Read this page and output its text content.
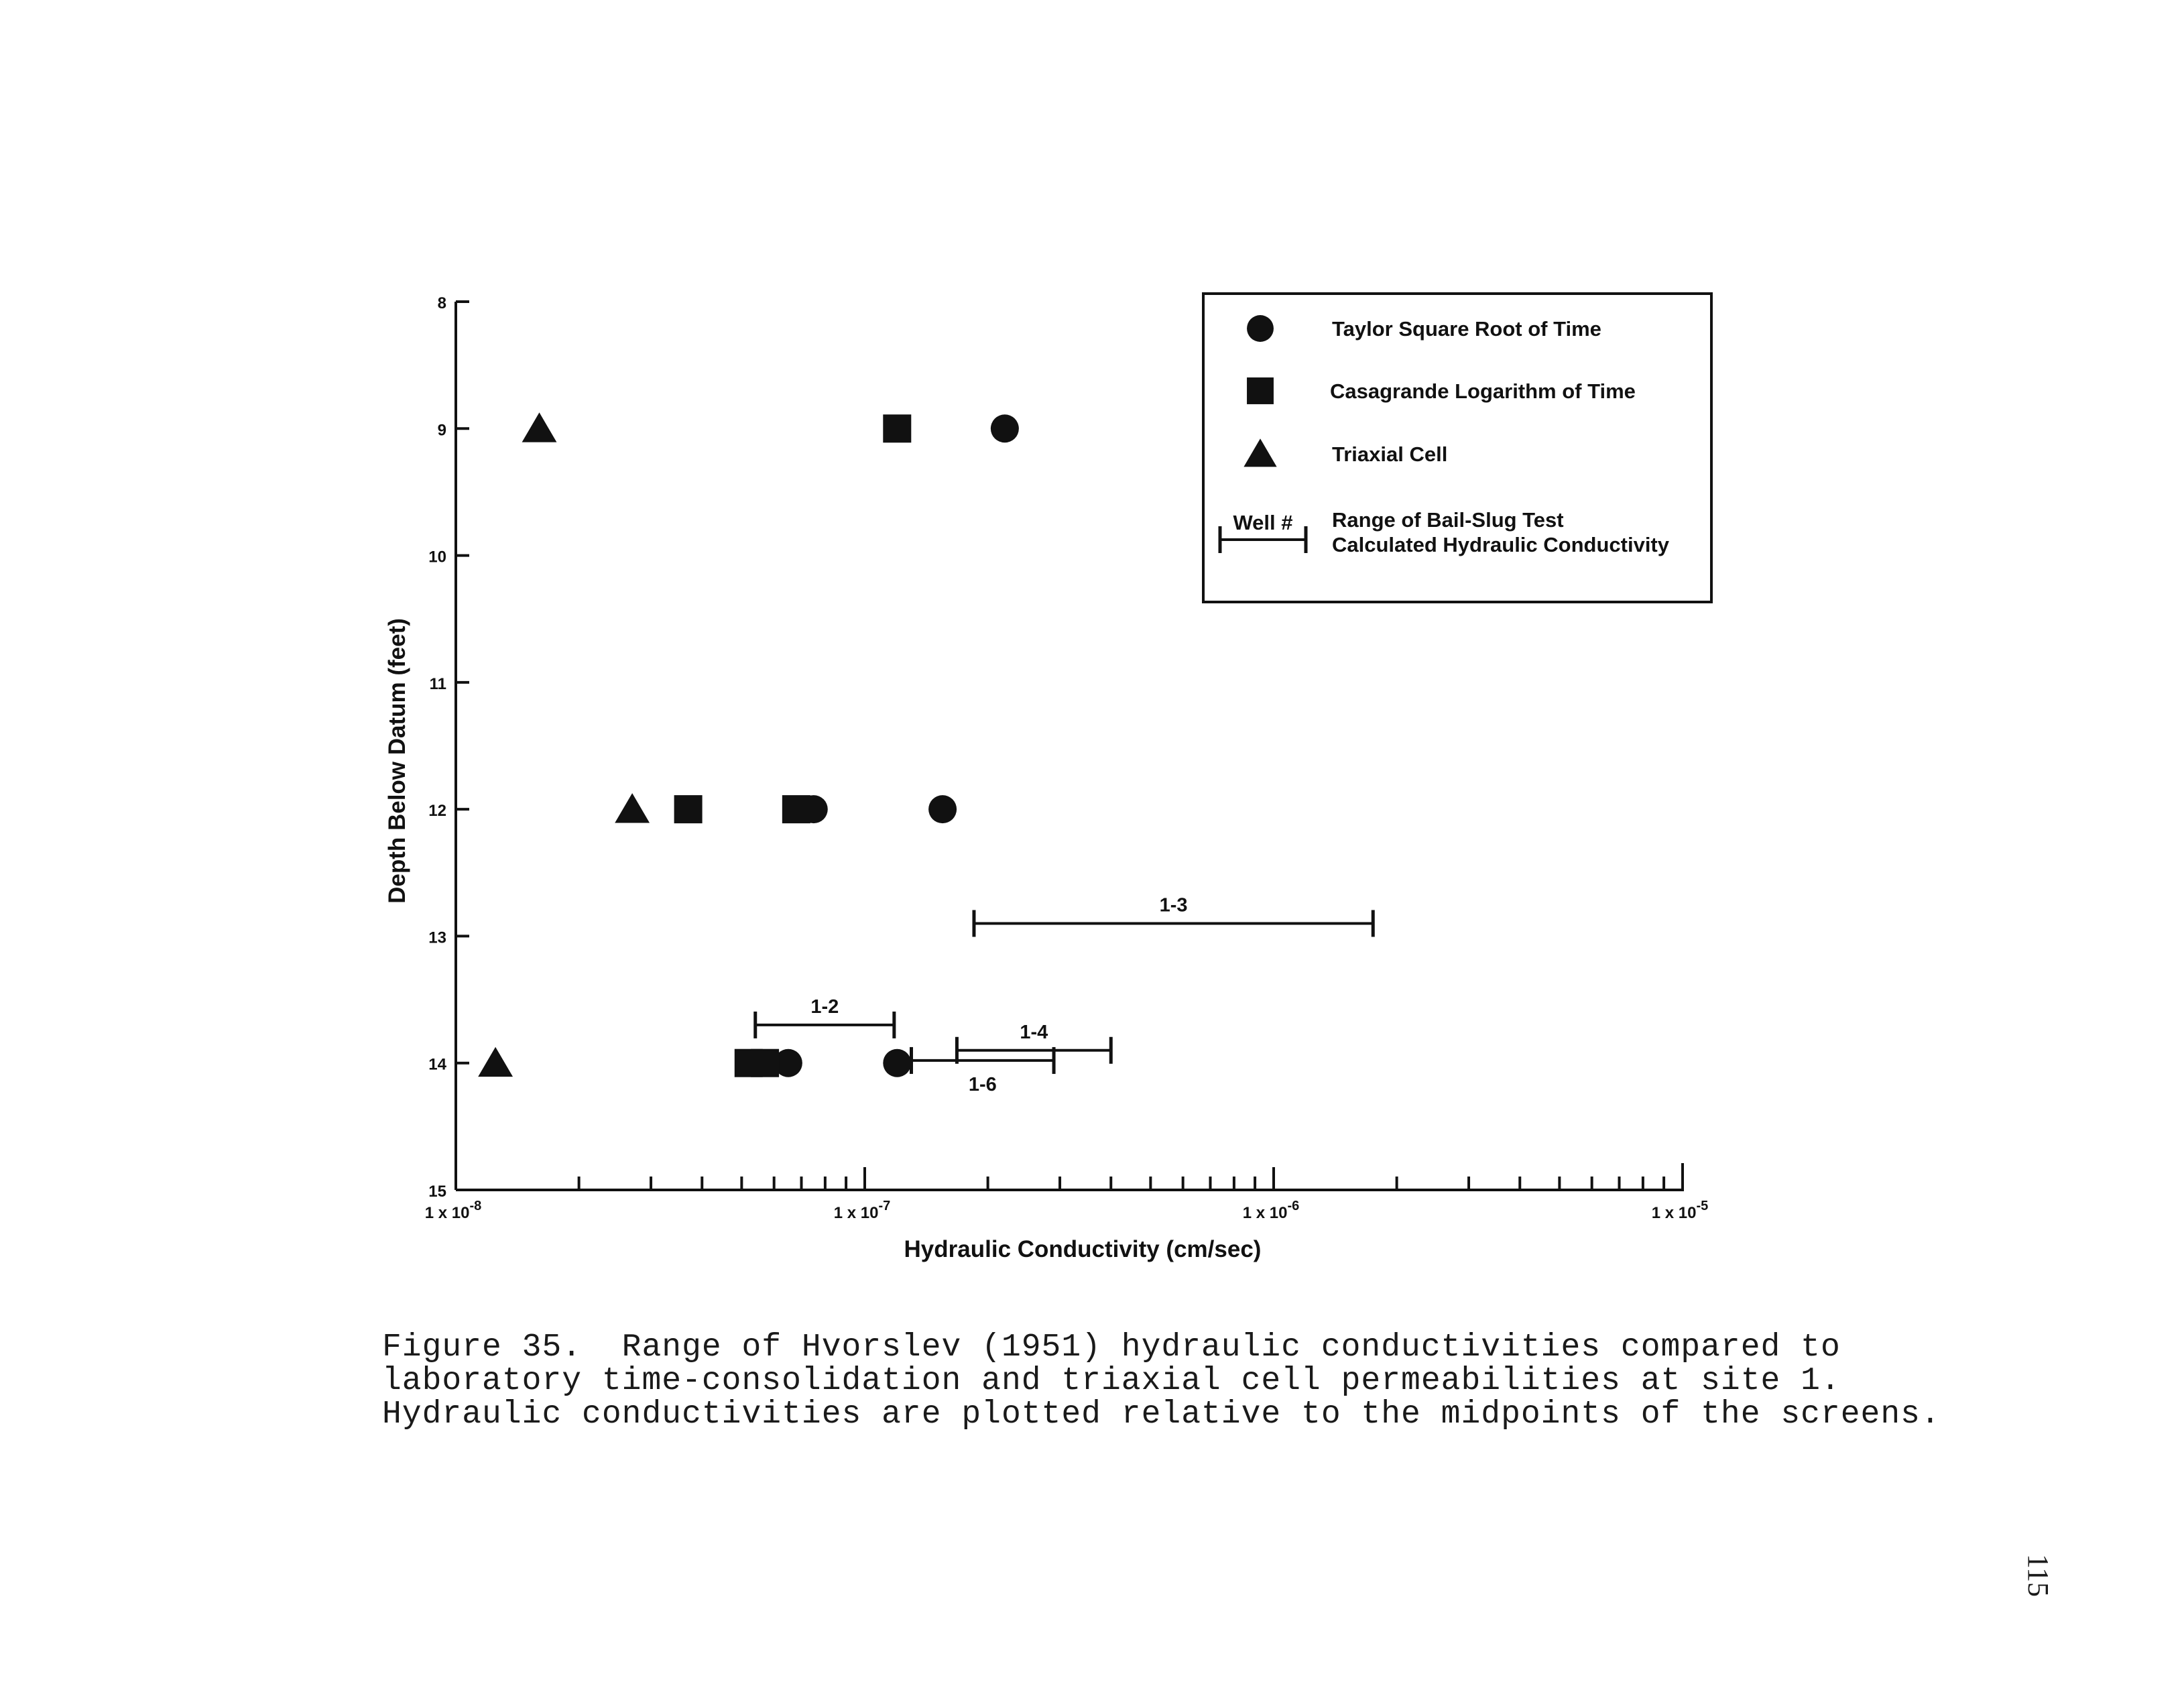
8
9
10
11
12
13
14
15
1 x $10^{-8}$	1 x $10^{-7}$	1 x $10^{-6}$	1 x $10^{-5}$
Hydraulic Conductivity (cm/sec)
Depth Below Datum (feet)
1-3
1-2
1-4
1-6
Taylor Square Root of Time
Casagrande Logarithm of Time
Triaxial Cell
Well # Range of Bail-Slug Test
Calculated Hydraulic Conductivity
Figure 35.  Range of Hvorslev (1951) hydraulic conductivities compared to
laboratory time-consolidation and triaxial cell permeabilities at site 1.
Hydraulic conductivities are plotted relative to the midpoints of the screens.
115
